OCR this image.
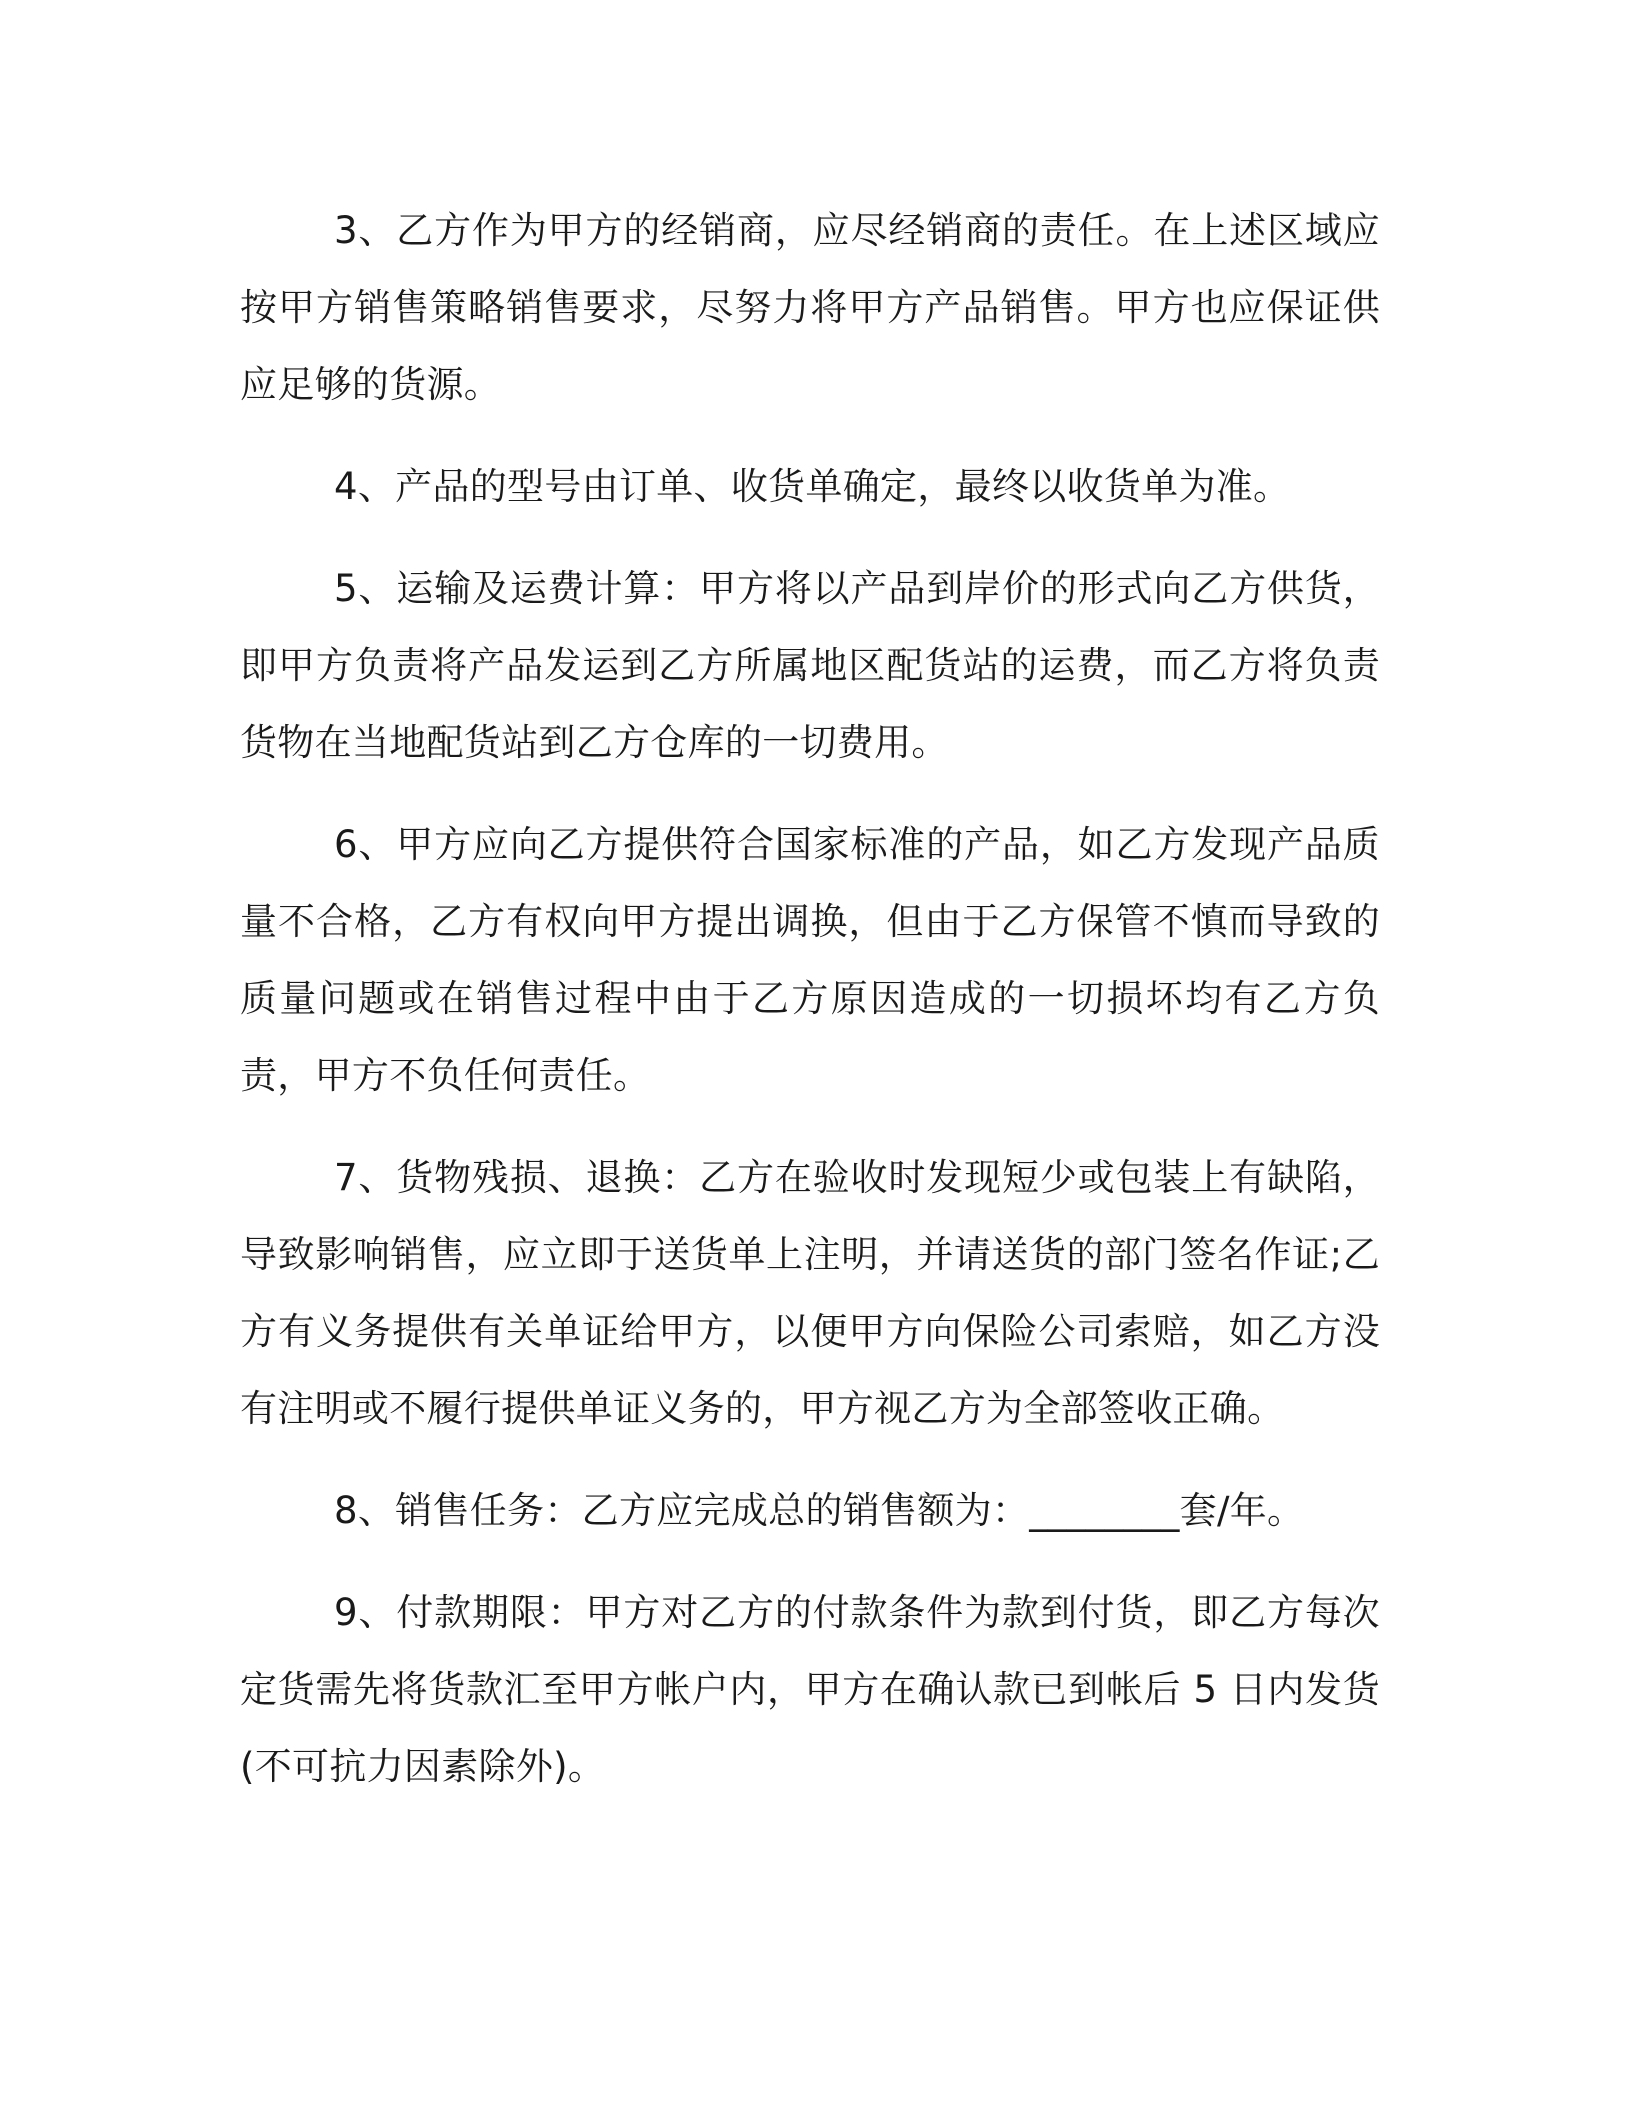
3、乙方作为甲方的经销商，应尽经销商的责任。在上述区域应按甲方销售策略销售要求，尽努力将甲方产品销售。甲方也应保证供应足够的货源。

4、产品的型号由订单、收货单确定，最终以收货单为准。

5、运输及运费计算：甲方将以产品到岸价的形式向乙方供货，即甲方负责将产品发运到乙方所属地区配货站的运费，而乙方将负责货物在当地配货站到乙方仓库的一切费用。

6、甲方应向乙方提供符合国家标准的产品，如乙方发现产品质量不合格，乙方有权向甲方提出调换，但由于乙方保管不慎而导致的质量问题或在销售过程中由于乙方原因造成的一切损坏均有乙方负责，甲方不负任何责任。

7、货物残损、退换：乙方在验收时发现短少或包装上有缺陷，导致影响销售，应立即于送货单上注明，并请送货的部门签名作证;乙方有义务提供有关单证给甲方，以便甲方向保险公司索赔，如乙方没有注明或不履行提供单证义务的，甲方视乙方为全部签收正确。

8、销售任务：乙方应完成总的销售额为：________套/年。

9、付款期限：甲方对乙方的付款条件为款到付货，即乙方每次定货需先将货款汇至甲方帐户内，甲方在确认款已到帐后 5 日内发货(不可抗力因素除外)。
